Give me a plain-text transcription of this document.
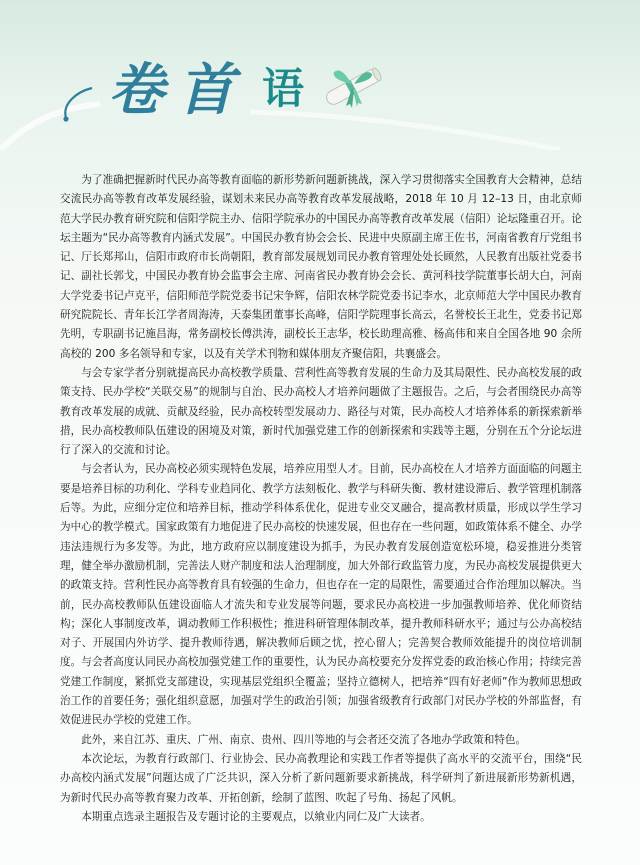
卷 首 语

为了准确把握新时代民办高等教育面临的新形势新问题新挑战，深入学习贯彻落实全国教育大会精神，总结交流民办高等教育改革发展经验，谋划未来民办高等教育改革发展战略，2018 年 10 月 12–13 日，由北京师范大学民办教育研究院和信阳学院主办、信阳学院承办的中国民办高等教育改革发展（信阳）论坛隆重召开。论坛主题为“民办高等教育内涵式发展”。中国民办教育协会会长、民进中央原副主席王佐书，河南省教育厅党组书记、厅长郑邦山，信阳市政府市长尚朝阳，教育部发展规划司民办教育管理处处长顾然，人民教育出版社党委书记、副社长郭戈，中国民办教育协会监事会主席、河南省民办教育协会会长、黄河科技学院董事长胡大白，河南大学党委书记卢克平，信阳师范学院党委书记宋争辉，信阳农林学院党委书记李水，北京师范大学中国民办教育研究院院长、青年长江学者周海涛，天泰集团董事长高峰，信阳学院理事长高云，名誉校长王北生，党委书记郑先明，专职副书记施昌海，常务副校长傅洪涛，副校长王志华，校长助理高雅、杨高伟和来自全国各地 90 余所高校的 200 多名领导和专家，以及有关学术刊物和媒体朋友齐聚信阳，共襄盛会。

与会专家学者分别就提高民办高校教学质量、营利性高等教育发展的生命力及其局限性、民办高校发展的政策支持、民办学校“关联交易”的规制与自治、民办高校人才培养问题做了主题报告。之后，与会者围绕民办高等教育改革发展的成就、贡献及经验，民办高校转型发展动力、路径与对策，民办高校人才培养体系的新探索新举措，民办高校教师队伍建设的困境及对策，新时代加强党建工作的创新探索和实践等主题，分别在五个分论坛进行了深入的交流和讨论。

与会者认为，民办高校必须实现特色发展，培养应用型人才。目前，民办高校在人才培养方面面临的问题主要是培养目标的功利化、学科专业趋同化、教学方法刻板化、教学与科研失衡、教材建设滞后、教学管理机制落后等。为此，应细分定位和培养目标，推动学科体系优化，促进专业交叉融合，提高教材质量，形成以学生学习为中心的教学模式。国家政策有力地促进了民办高校的快速发展，但也存在一些问题，如政策体系不健全、办学违法违规行为多发等。为此，地方政府应以制度建设为抓手，为民办教育发展创造宽松环境，稳妥推进分类管理，健全举办激励机制，完善法人财产制度和法人治理制度，加大外部行政监管力度，为民办高校发展提供更大的政策支持。营利性民办高等教育具有较强的生命力，但也存在一定的局限性，需要通过合作治理加以解决。当前，民办高校教师队伍建设面临人才流失和专业发展等问题，要求民办高校进一步加强教师培养、优化师资结构；深化人事制度改革，调动教师工作积极性；推进科研管理体制改革，提升教师科研水平；通过与公办高校结对子、开展国内外访学、提升教师待遇，解决教师后顾之忧，控心留人；完善契合教师效能提升的岗位培训制度。与会者高度认同民办高校加强党建工作的重要性，认为民办高校要充分发挥党委的政治核心作用；持续完善党建工作制度，紧抓党支部建设，实现基层党组织全覆盖；坚持立德树人，把培养“四有好老师”作为教师思想政治工作的首要任务；强化组织意愿，加强对学生的政治引领；加强省级教育行政部门对民办学校的外部监督，有效促进民办学校的党建工作。

此外，来自江苏、重庆、广州、南京、贵州、四川等地的与会者还交流了各地办学政策和特色。

本次论坛，为教育行政部门、行业协会、民办高教理论和实践工作者等提供了高水平的交流平台，围绕“民办高校内涵式发展”问题达成了广泛共识，深入分析了新问题新要求新挑战，科学研判了新进展新形势新机遇，为新时代民办高等教育聚力改革、开拓创新，绘制了蓝图、吹起了号角、扬起了风帆。

本期重点选录主题报告及专题讨论的主要观点，以飨业内同仁及广大读者。
